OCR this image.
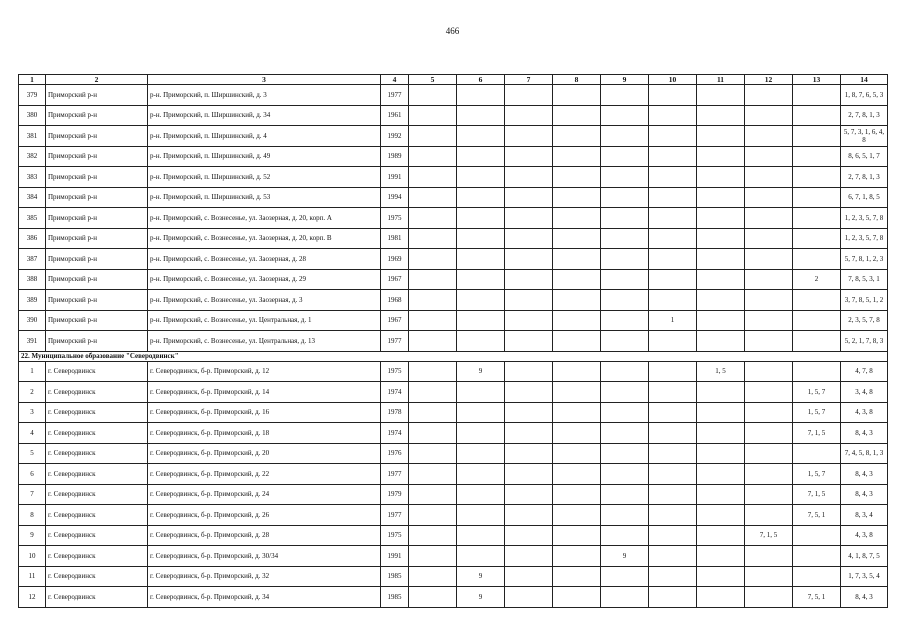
466
1	2	3	4	5	6	7	8	9	10	11	12	13	14
379	Приморский р-н	р-н. Приморский, п. Ширшинский, д. 3	1977										1, 8, 7, 6, 5, 3
380	Приморский р-н	р-н. Приморский, п. Ширшинский, д. 34	1961										2, 7, 8, 1, 3
381	Приморский р-н	р-н. Приморский, п. Ширшинский, д. 4	1992										5, 7, 3, 1, 6, 4, 8
382	Приморский р-н	р-н. Приморский, п. Ширшинский, д. 49	1989										8, 6, 5, 1, 7
383	Приморский р-н	р-н. Приморский, п. Ширшинский, д. 52	1991										2, 7, 8, 1, 3
384	Приморский р-н	р-н. Приморский, п. Ширшинский, д. 53	1994										6, 7, 1, 8, 5
385	Приморский р-н	р-н. Приморский, с. Вознесенье, ул. Заозерная, д. 20, корп. А	1975										1, 2, 3, 5, 7, 8
386	Приморский р-н	р-н. Приморский, с. Вознесенье, ул. Заозерная, д. 20, корп. В	1981										1, 2, 3, 5, 7, 8
387	Приморский р-н	р-н. Приморский, с. Вознесенье, ул. Заозерная, д. 28	1969										5, 7, 8, 1, 2, 3
388	Приморский р-н	р-н. Приморский, с. Вознесенье, ул. Заозерная, д. 29	1967									2	7, 8, 5, 3, 1
389	Приморский р-н	р-н. Приморский, с. Вознесенье, ул. Заозерная, д. 3	1968										3, 7, 8, 5, 1, 2
390	Приморский р-н	р-н. Приморский, с. Вознесенье, ул. Центральная, д. 1	1967						1				2, 3, 5, 7, 8
391	Приморский р-н	р-н. Приморский, с. Вознесенье, ул. Центральная, д. 13	1977										5, 2, 1, 7, 8, 3
22. Муниципальное образование "Северодвинск"													
1	г. Северодвинск	г. Северодвинск, б-р. Приморский, д. 12	1975		9					1, 5			4, 7, 8
2	г. Северодвинск	г. Северодвинск, б-р. Приморский, д. 14	1974									1, 5, 7	3, 4, 8
3	г. Северодвинск	г. Северодвинск, б-р. Приморский, д. 16	1978									1, 5, 7	4, 3, 8
4	г. Северодвинск	г. Северодвинск, б-р. Приморский, д. 18	1974									7, 1, 5	8, 4, 3
5	г. Северодвинск	г. Северодвинск, б-р. Приморский, д. 20	1976										7, 4, 5, 8, 1, 3
6	г. Северодвинск	г. Северодвинск, б-р. Приморский, д. 22	1977									1, 5, 7	8, 4, 3
7	г. Северодвинск	г. Северодвинск, б-р. Приморский, д. 24	1979									7, 1, 5	8, 4, 3
8	г. Северодвинск	г. Северодвинск, б-р. Приморский, д. 26	1977									7, 5, 1	8, 3, 4
9	г. Северодвинск	г. Северодвинск, б-р. Приморский, д. 28	1975								7, 1, 5		4, 3, 8
10	г. Северодвинск	г. Северодвинск, б-р. Приморский, д. 30/34	1991					9					4, 1, 8, 7, 5
11	г. Северодвинск	г. Северодвинск, б-р. Приморский, д. 32	1985		9								1, 7, 3, 5, 4
12	г. Северодвинск	г. Северодвинск, б-р. Приморский, д. 34	1985		9							7, 5, 1	8, 4, 3
